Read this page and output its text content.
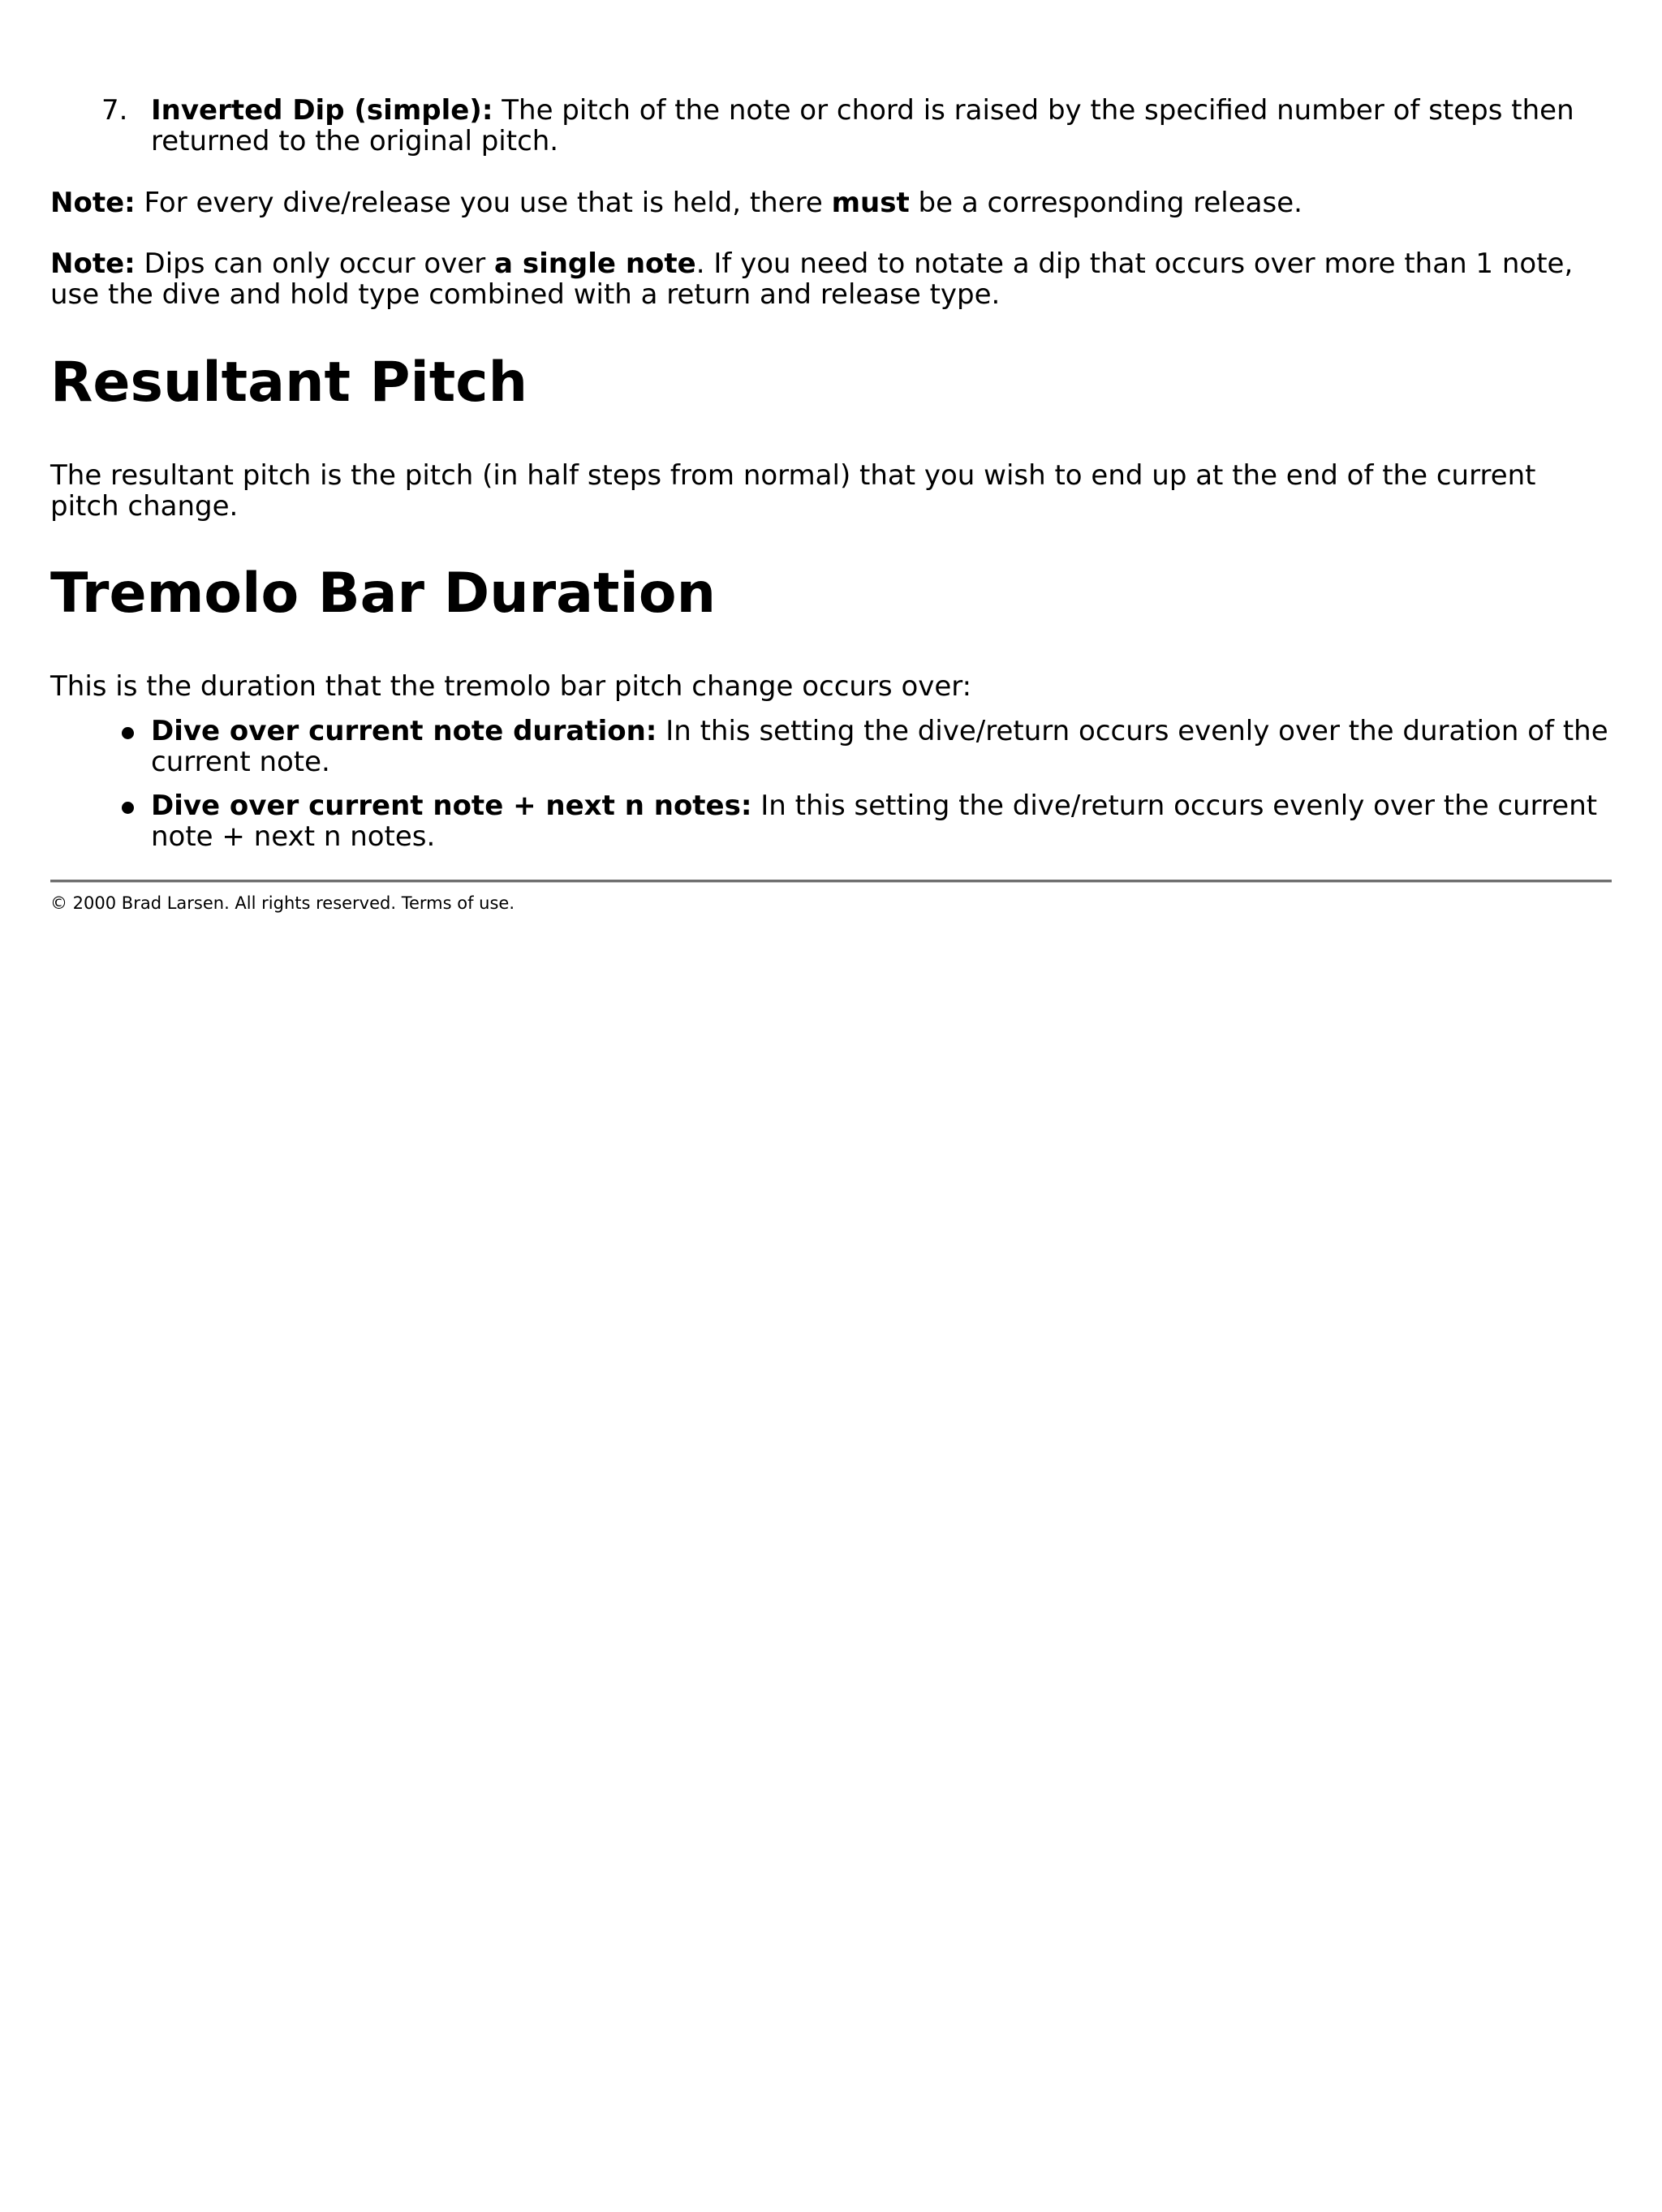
7. Inverted Dip (simple): The pitch of the note or chord is raised by the specified number of steps then returned to the original pitch.

Note: For every dive/release you use that is held, there must be a corresponding release.

Note: Dips can only occur over a single note. If you need to notate a dip that occurs over more than 1 note, use the dive and hold type combined with a return and release type.

Resultant Pitch

The resultant pitch is the pitch (in half steps from normal) that you wish to end up at the end of the current pitch change.

Tremolo Bar Duration

This is the duration that the tremolo bar pitch change occurs over:

Dive over current note duration: In this setting the dive/return occurs evenly over the duration of the current note.
Dive over current note + next n notes: In this setting the dive/return occurs evenly over the current note + next n notes.

© 2000 Brad Larsen. All rights reserved. Terms of use.
